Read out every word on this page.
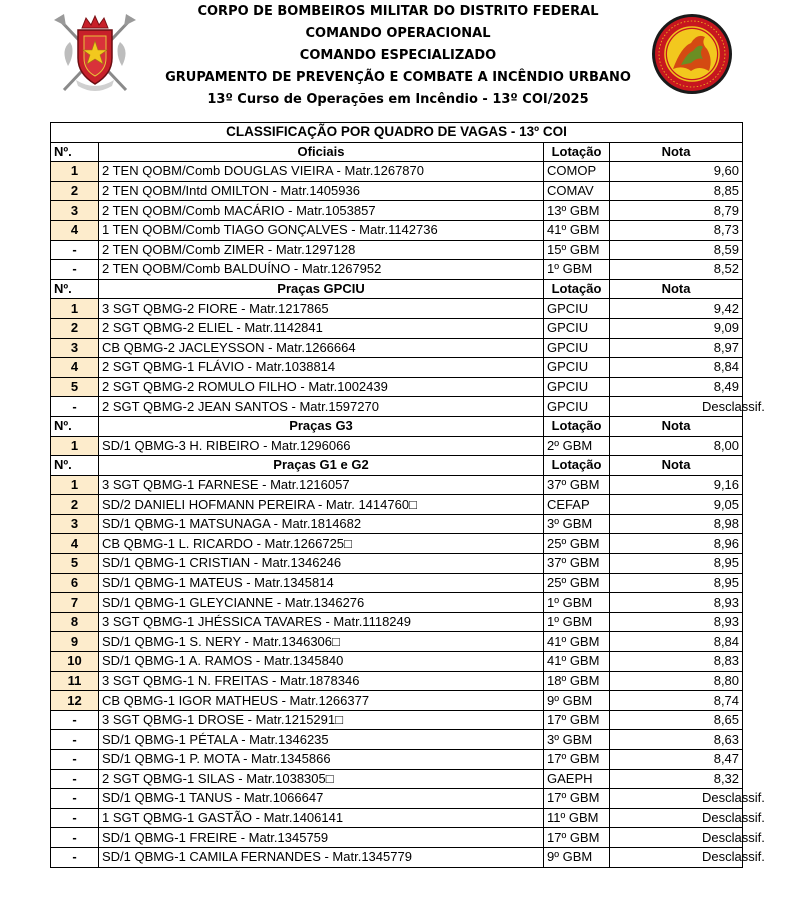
CORPO DE BOMBEIROS MILITAR DO DISTRITO FEDERAL
COMANDO OPERACIONAL
COMANDO ESPECIALIZADO
GRUPAMENTO DE PREVENÇÃO E COMBATE A INCÊNDIO URBANO
13º Curso de Operações em Incêndio - 13º COI/2025
CLASSIFICAÇÃO POR QUADRO DE VAGAS - 13º COI			
Nº.	Oficiais	Lotação	Nota
1	2 TEN QOBM/Comb DOUGLAS VIEIRA - Matr.1267870	COMOP	9,60
2	2 TEN QOBM/Intd OMILTON - Matr.1405936	COMAV	8,85
3	2 TEN QOBM/Comb MACÁRIO - Matr.1053857	13º GBM	8,79
4	1 TEN QOBM/Comb TIAGO GONÇALVES - Matr.1142736	41º GBM	8,73
-	2 TEN QOBM/Comb ZIMER - Matr.1297128	15º GBM	8,59
-	2 TEN QOBM/Comb BALDUÍNO - Matr.1267952	1º GBM	8,52
Nº.	Praças GPCIU	Lotação	Nota
1	3 SGT QBMG-2 FIORE - Matr.1217865	GPCIU	9,42
2	2 SGT QBMG-2 ELIEL - Matr.1142841	GPCIU	9,09
3	CB QBMG-2 JACLEYSSON - Matr.1266664	GPCIU	8,97
4	2 SGT QBMG-1 FLÁVIO - Matr.1038814	GPCIU	8,84
5	2 SGT QBMG-2 ROMULO FILHO - Matr.1002439	GPCIU	8,49
-	2 SGT QBMG-2 JEAN SANTOS - Matr.1597270	GPCIU	Desclassif.
Nº.	Praças G3	Lotação	Nota
1	SD/1 QBMG-3 H. RIBEIRO - Matr.1296066	2º GBM	8,00
Nº.	Praças G1 e G2	Lotação	Nota
1	3 SGT QBMG-1 FARNESE - Matr.1216057	37º GBM	9,16
2	SD/2 DANIELI HOFMANN PEREIRA - Matr. 1414760□	CEFAP	9,05
3	SD/1 QBMG-1 MATSUNAGA - Matr.1814682	3º GBM	8,98
4	CB QBMG-1 L. RICARDO - Matr.1266725□	25º GBM	8,96
5	SD/1 QBMG-1 CRISTIAN - Matr.1346246	37º GBM	8,95
6	SD/1 QBMG-1 MATEUS - Matr.1345814	25º GBM	8,95
7	SD/1 QBMG-1 GLEYCIANNE - Matr.1346276	1º GBM	8,93
8	3 SGT QBMG-1 JHÉSSICA TAVARES - Matr.1118249	1º GBM	8,93
9	SD/1 QBMG-1 S. NERY - Matr.1346306□	41º GBM	8,84
10	SD/1 QBMG-1 A. RAMOS - Matr.1345840	41º GBM	8,83
11	3 SGT QBMG-1 N. FREITAS - Matr.1878346	18º GBM	8,80
12	CB QBMG-1 IGOR MATHEUS - Matr.1266377	9º GBM	8,74
-	3 SGT QBMG-1 DROSE - Matr.1215291□	17º GBM	8,65
-	SD/1 QBMG-1 PÉTALA - Matr.1346235	3º GBM	8,63
-	SD/1 QBMG-1 P. MOTA - Matr.1345866	17º GBM	8,47
-	2 SGT QBMG-1 SILAS - Matr.1038305□	GAEPH	8,32
-	SD/1 QBMG-1 TANUS - Matr.1066647	17º GBM	Desclassif.
-	1 SGT QBMG-1 GASTÃO - Matr.1406141	11º GBM	Desclassif.
-	SD/1 QBMG-1 FREIRE - Matr.1345759	17º GBM	Desclassif.
-	SD/1 QBMG-1 CAMILA FERNANDES - Matr.1345779	9º GBM	Desclassif.
